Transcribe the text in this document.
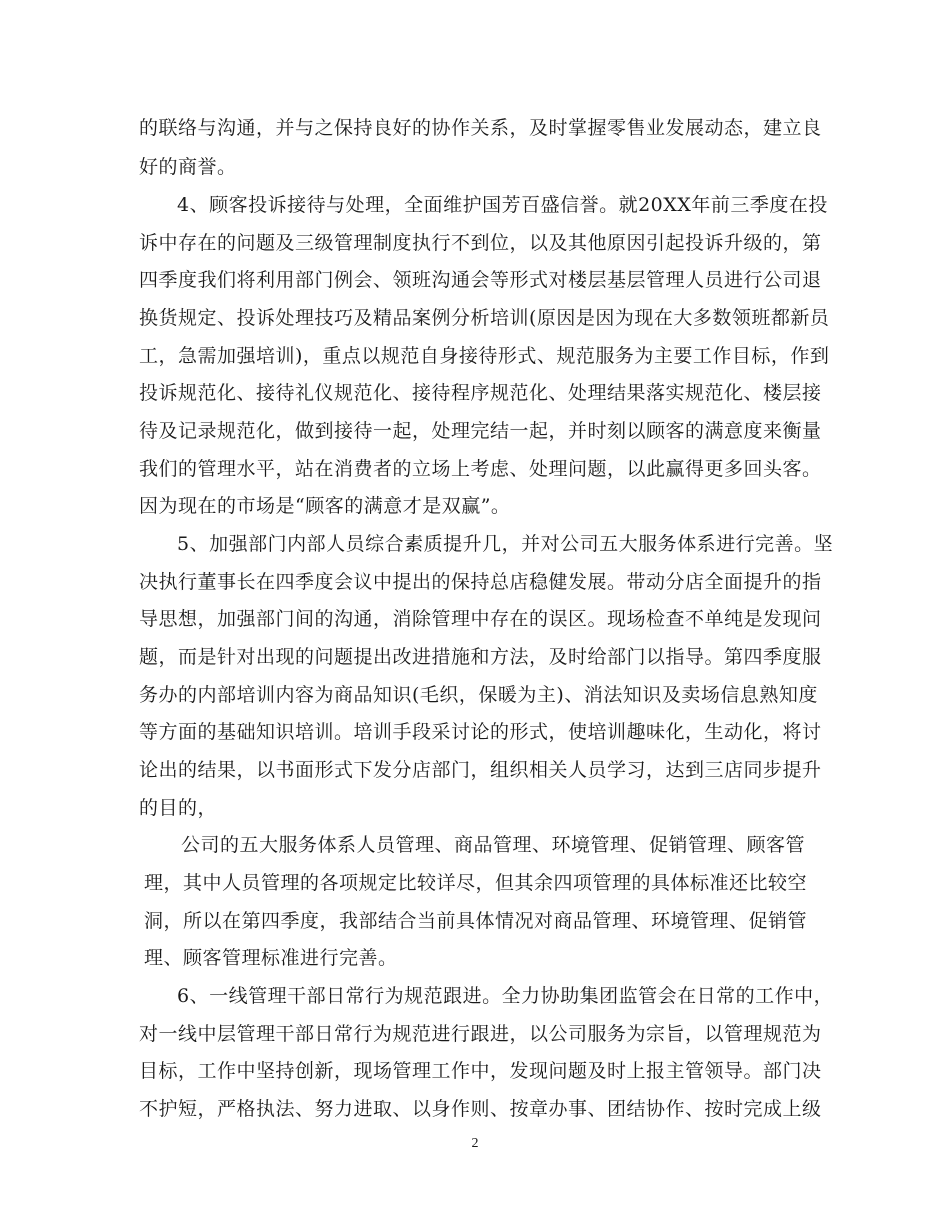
的联络与沟通，并与之保持良好的协作关系，及时掌握零售业发展动态，建立良
好的商誉。
4、顾客投诉接待与处理，全面维护国芳百盛信誉。就20XX年前三季度在投
诉中存在的问题及三级管理制度执行不到位，以及其他原因引起投诉升级的，第
四季度我们将利用部门例会、领班沟通会等形式对楼层基层管理人员进行公司退
换货规定、投诉处理技巧及精品案例分析培训(原因是因为现在大多数领班都新员
工，急需加强培训)，重点以规范自身接待形式、规范服务为主要工作目标，作到
投诉规范化、接待礼仪规范化、接待程序规范化、处理结果落实规范化、楼层接
待及记录规范化，做到接待一起，处理完结一起，并时刻以顾客的满意度来衡量
我们的管理水平，站在消费者的立场上考虑、处理问题，以此赢得更多回头客。
因为现在的市场是“顾客的满意才是双赢”。
5、加强部门内部人员综合素质提升几，并对公司五大服务体系进行完善。坚
决执行董事长在四季度会议中提出的保持总店稳健发展。带动分店全面提升的指
导思想，加强部门间的沟通，消除管理中存在的误区。现场检查不单纯是发现问
题，而是针对出现的问题提出改进措施和方法，及时给部门以指导。第四季度服
务办的内部培训内容为商品知识(毛织，保暖为主)、消法知识及卖场信息熟知度
等方面的基础知识培训。培训手段采讨论的形式，使培训趣味化，生动化，将讨
论出的结果，以书面形式下发分店部门，组织相关人员学习，达到三店同步提升
的目的，
公司的五大服务体系人员管理、商品管理、环境管理、促销管理、顾客管
理，其中人员管理的各项规定比较详尽，但其余四项管理的具体标准还比较空
洞，所以在第四季度，我部结合当前具体情况对商品管理、环境管理、促销管
理、顾客管理标准进行完善。
6、一线管理干部日常行为规范跟进。全力协助集团监管会在日常的工作中，
对一线中层管理干部日常行为规范进行跟进，以公司服务为宗旨，以管理规范为
目标，工作中坚持创新，现场管理工作中，发现问题及时上报主管领导。部门决
不护短，严格执法、努力进取、以身作则、按章办事、团结协作、按时完成上级
2
